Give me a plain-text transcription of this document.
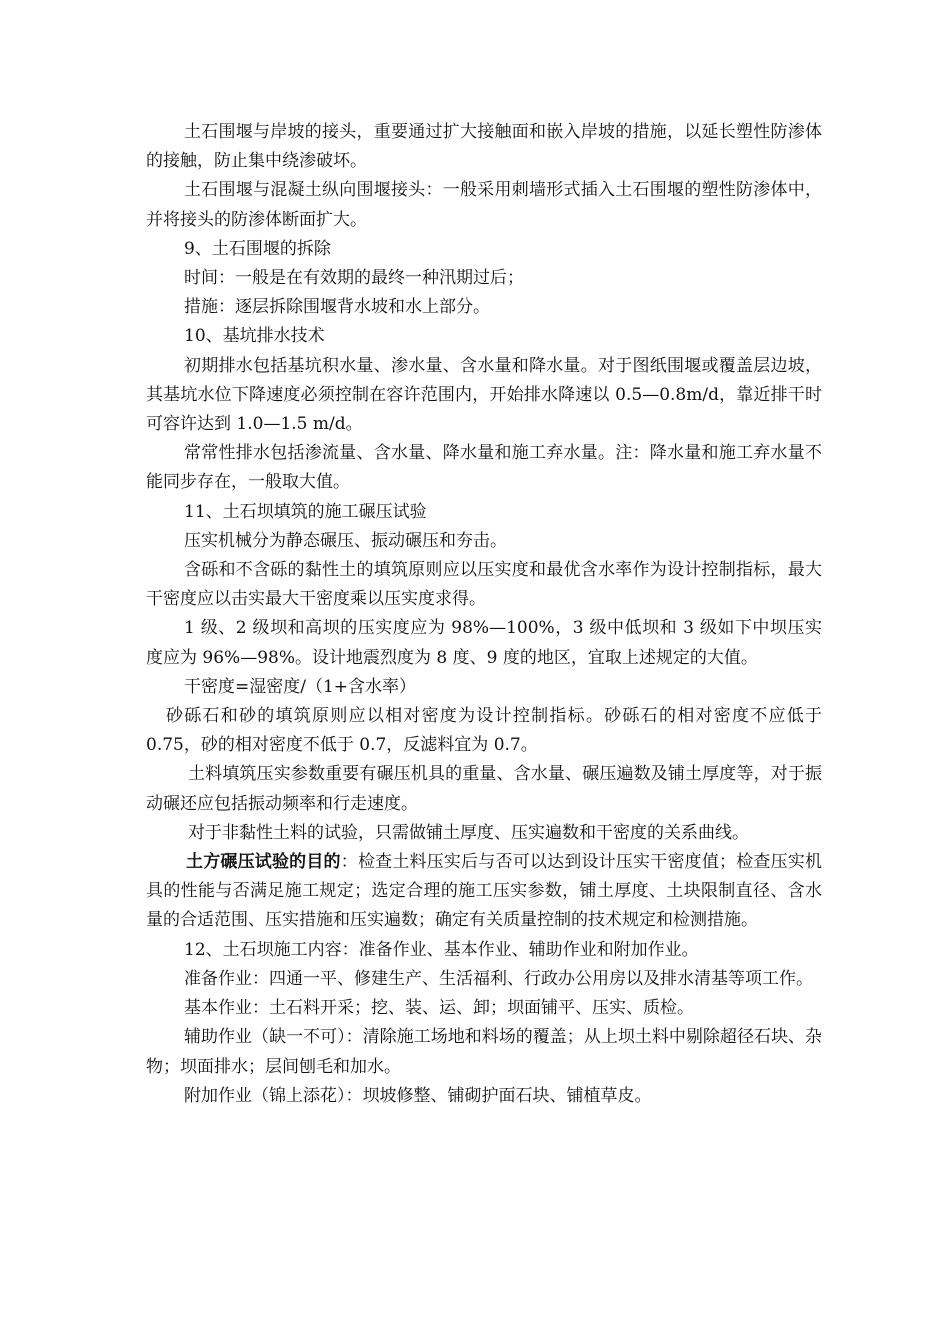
土石围堰与岸坡的接头，重要通过扩大接触面和嵌入岸坡的措施，以延长塑性防渗体的接触，防止集中绕渗破坏。

土石围堰与混凝土纵向围堰接头：一般采用刺墙形式插入土石围堰的塑性防渗体中，并将接头的防渗体断面扩大。

9、土石围堰的拆除

时间：一般是在有效期的最终一种汛期过后；

措施：逐层拆除围堰背水坡和水上部分。

10、基坑排水技术

初期排水包括基坑积水量、渗水量、含水量和降水量。对于图纸围堰或覆盖层边坡，其基坑水位下降速度必须控制在容许范围内，开始排水降速以 0.5—0.8m/d，靠近排干时可容许达到 1.0—1.5 m/d。

常常性排水包括渗流量、含水量、降水量和施工弃水量。注：降水量和施工弃水量不能同步存在，一般取大值。

11、土石坝填筑的施工碾压试验

压实机械分为静态碾压、振动碾压和夯击。

含砾和不含砾的黏性土的填筑原则应以压实度和最优含水率作为设计控制指标，最大干密度应以击实最大干密度乘以压实度求得。

1 级、2 级坝和高坝的压实度应为 98%—100%，3 级中低坝和 3 级如下中坝压实度应为 96%—98%。设计地震烈度为 8 度、9 度的地区，宜取上述规定的大值。

干密度=湿密度/（1+含水率）

砂砾石和砂的填筑原则应以相对密度为设计控制指标。砂砾石的相对密度不应低于 0.75，砂的相对密度不低于 0.7，反滤料宜为 0.7。

土料填筑压实参数重要有碾压机具的重量、含水量、碾压遍数及铺土厚度等，对于振动碾还应包括振动频率和行走速度。

对于非黏性土料的试验，只需做铺土厚度、压实遍数和干密度的关系曲线。

土方碾压试验的目的：检查土料压实后与否可以达到设计压实干密度值；检查压实机具的性能与否满足施工规定；选定合理的施工压实参数，铺土厚度、土块限制直径、含水量的合适范围、压实措施和压实遍数；确定有关质量控制的技术规定和检测措施。

12、土石坝施工内容：准备作业、基本作业、辅助作业和附加作业。

准备作业：四通一平、修建生产、生活福利、行政办公用房以及排水清基等项工作。

基本作业：土石料开采；挖、装、运、卸；坝面铺平、压实、质检。

辅助作业（缺一不可）：清除施工场地和料场的覆盖；从上坝土料中剔除超径石块、杂物；坝面排水；层间刨毛和加水。

附加作业（锦上添花）：坝坡修整、铺砌护面石块、铺植草皮。
